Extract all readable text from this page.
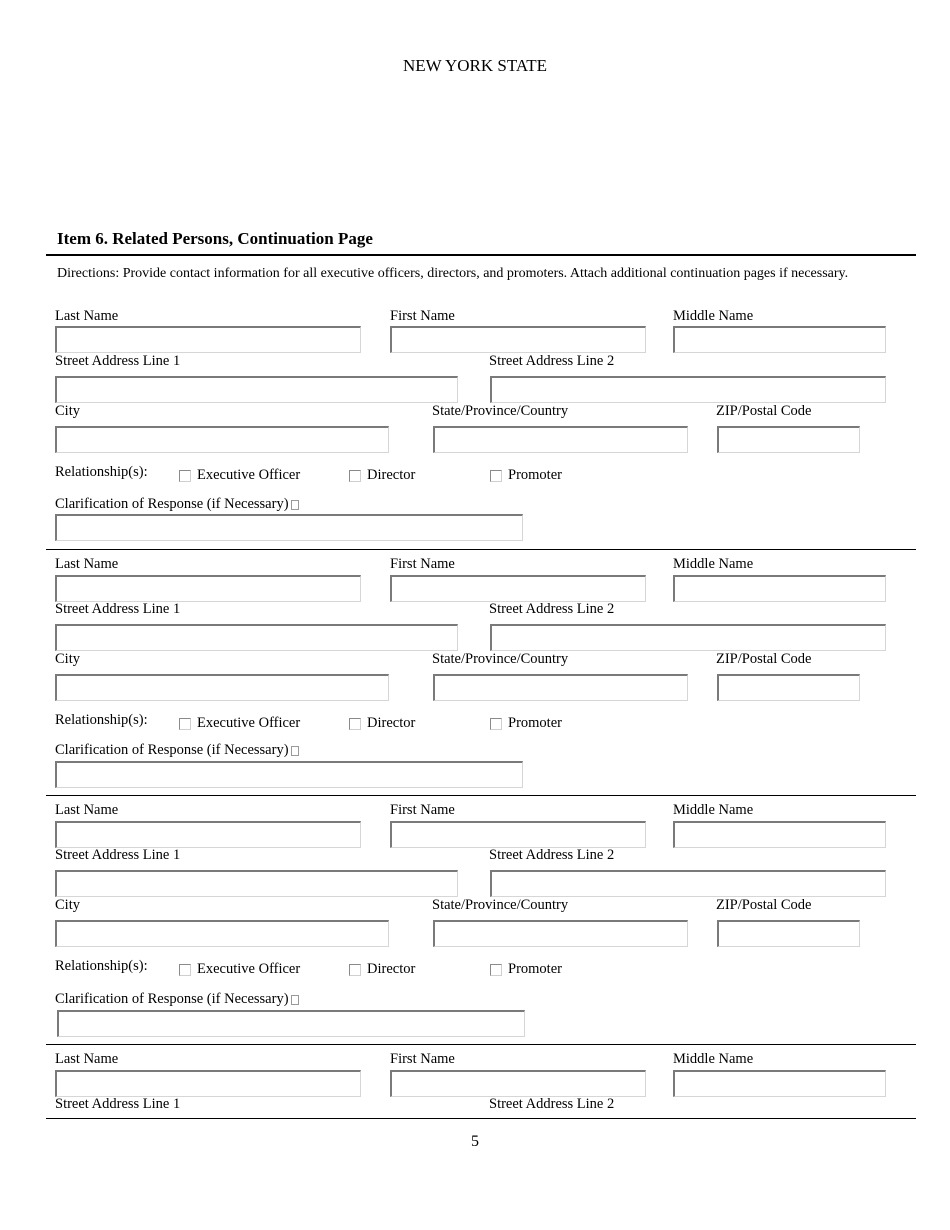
NEW YORK STATE
Item 6. Related Persons, Continuation Page
Directions: Provide contact information for all executive officers, directors, and promoters. Attach additional continuation pages if necessary.
Last Name	First Name	Middle Name
Street Address Line 1	Street Address Line 2
City	State/Province/Country	ZIP/Postal Code
Relationship(s):	Executive Officer	Director	Promoter
Clarification of Response (if Necessary)
Last Name	First Name	Middle Name
Street Address Line 1	Street Address Line 2
City	State/Province/Country	ZIP/Postal Code
Relationship(s):	Executive Officer	Director	Promoter
Clarification of Response (if Necessary)
Last Name	First Name	Middle Name
Street Address Line 1	Street Address Line 2
City	State/Province/Country	ZIP/Postal Code
Relationship(s):	Executive Officer	Director	Promoter
Clarification of Response (if Necessary)
Last Name	First Name	Middle Name
Street Address Line 1	Street Address Line 2
5
